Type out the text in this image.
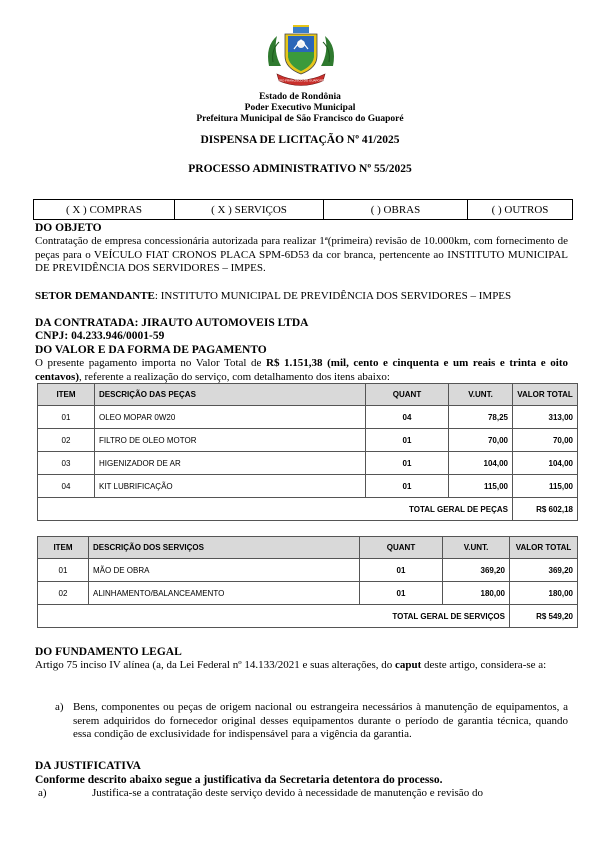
SÃO FRANCISCO DO GUAPORÉ
Estado de Rondônia
Poder Executivo Municipal
Prefeitura Municipal de São Francisco do Guaporé
DISPENSA DE LICITAÇÃO Nº 41/2025
PROCESSO ADMINISTRATIVO Nº 55/2025
( X ) COMPRAS	( X ) SERVIÇOS	( ) OBRAS	( ) OUTROS
DO OBJETO
Contratação de empresa concessionária autorizada para realizar 1ª(primeira) revisão de 10.000km, com fornecimento de peças para o VEÍCULO FIAT CRONOS PLACA SPM-6D53 da cor branca, pertencente ao INSTITUTO MUNICIPAL DE PREVIDÊNCIA DOS SERVIDORES – IMPES.
SETOR DEMANDANTE: INSTITUTO MUNICIPAL DE PREVIDÊNCIA DOS SERVIDORES – IMPES
DA CONTRATADA: JIRAUTO AUTOMOVEIS LTDA
CNPJ: 04.233.946/0001-59
DO VALOR E DA FORMA DE PAGAMENTO
O presente pagamento importa no Valor Total de R$ 1.151,38 (mil, cento e cinquenta e um reais e trinta e oito centavos), referente a realização do serviço, com detalhamento dos itens abaixo:
ITEM	DESCRIÇÃO DAS PEÇAS	QUANT	V.UNT.	VALOR TOTAL
01	OLEO MOPAR 0W20	04	78,25	313,00
02	FILTRO DE OLEO MOTOR	01	70,00	70,00
03	HIGENIZADOR DE AR	01	104,00	104,00
04	KIT LUBRIFICAÇÃO	01	115,00	115,00
TOTAL GERAL DE PEÇAS				R$ 602,18
ITEM	DESCRIÇÃO DOS SERVIÇOS	QUANT	V.UNT.	VALOR TOTAL
01	MÃO DE OBRA	01	369,20	369,20
02	ALINHAMENTO/BALANCEAMENTO	01	180,00	180,00
TOTAL GERAL DE SERVIÇOS				R$ 549,20
DO FUNDAMENTO LEGAL
Artigo 75 inciso IV alínea (a, da Lei Federal nº 14.133/2021 e suas alterações, do caput deste artigo, considera-se a:
a) Bens, componentes ou peças de origem nacional ou estrangeira necessários à manutenção de equipamentos, a serem adquiridos do fornecedor original desses equipamentos durante o período de garantia técnica, quando essa condição de exclusividade for indispensável para a vigência da garantia.
DA JUSTIFICATIVA
Conforme descrito abaixo segue a justificativa da Secretaria detentora do processo.
a)	Justifica-se a contratação deste serviço devido à necessidade de manutenção e revisão do
